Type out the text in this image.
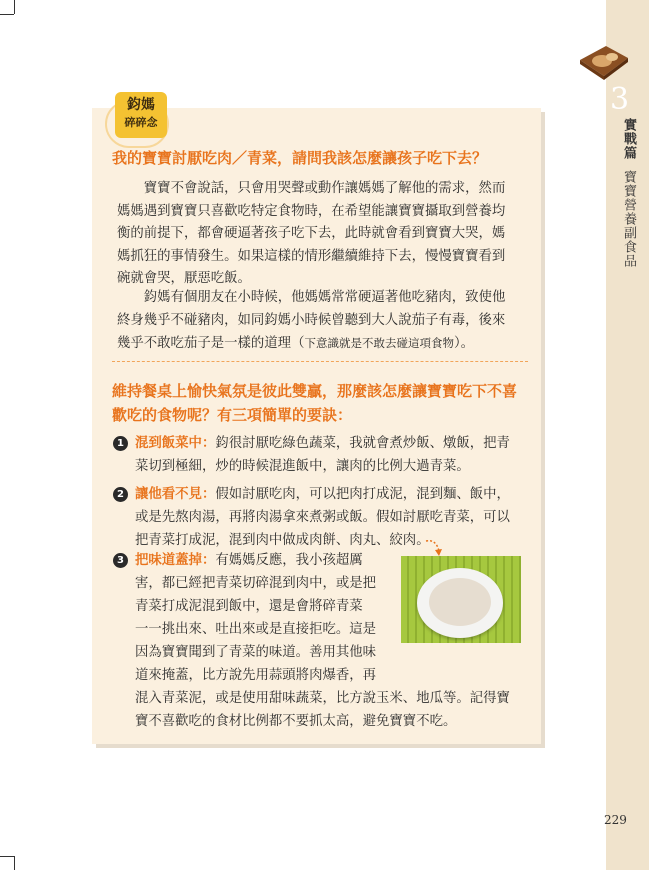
3
實戰篇
寶寶營養副食品
鈞媽
碎碎念
我的寶寶討厭吃肉／青菜，請問我該怎麼讓孩子吃下去？
寶寶不會說話，只會用哭聲或動作讓媽媽了解他的需求，然而
媽媽遇到寶寶只喜歡吃特定食物時，在希望能讓寶寶攝取到營養均
衡的前提下，都會硬逼著孩子吃下去，此時就會看到寶寶大哭，媽
媽抓狂的事情發生。如果這樣的情形繼續維持下去，慢慢寶寶看到
碗就會哭，厭惡吃飯。
鈞媽有個朋友在小時候，他媽媽常常硬逼著他吃豬肉，致使他
終身幾乎不碰豬肉，如同鈞媽小時候曾聽到大人說茄子有毒，後來
幾乎不敢吃茄子是一樣的道理（下意識就是不敢去碰這項食物）。
維持餐桌上愉快氣氛是彼此雙贏，那麼該怎麼讓寶寶吃下不喜
歡吃的食物呢？有三項簡單的要訣：
1 混到飯菜中：鈞很討厭吃綠色蔬菜，我就會煮炒飯、燉飯，把青
菜切到極細，炒的時候混進飯中，讓肉的比例大過青菜。
2 讓他看不見：假如討厭吃肉，可以把肉打成泥，混到麵、飯中，
或是先熬肉湯，再將肉湯拿來煮粥或飯。假如討厭吃青菜，可以
把青菜打成泥，混到肉中做成肉餅、肉丸、絞肉。
3 把味道蓋掉：有媽媽反應，我小孩超厲
害，都已經把青菜切碎混到肉中，或是把
青菜打成泥混到飯中，還是會將碎青菜
一一挑出來、吐出來或是直接拒吃。這是
因為寶寶聞到了青菜的味道。善用其他味
道來掩蓋，比方說先用蒜頭將肉爆香，再

混入青菜泥，或是使用甜味蔬菜，比方說玉米、地瓜等。記得寶
寶不喜歡吃的食材比例都不要抓太高，避免寶寶不吃。
229
